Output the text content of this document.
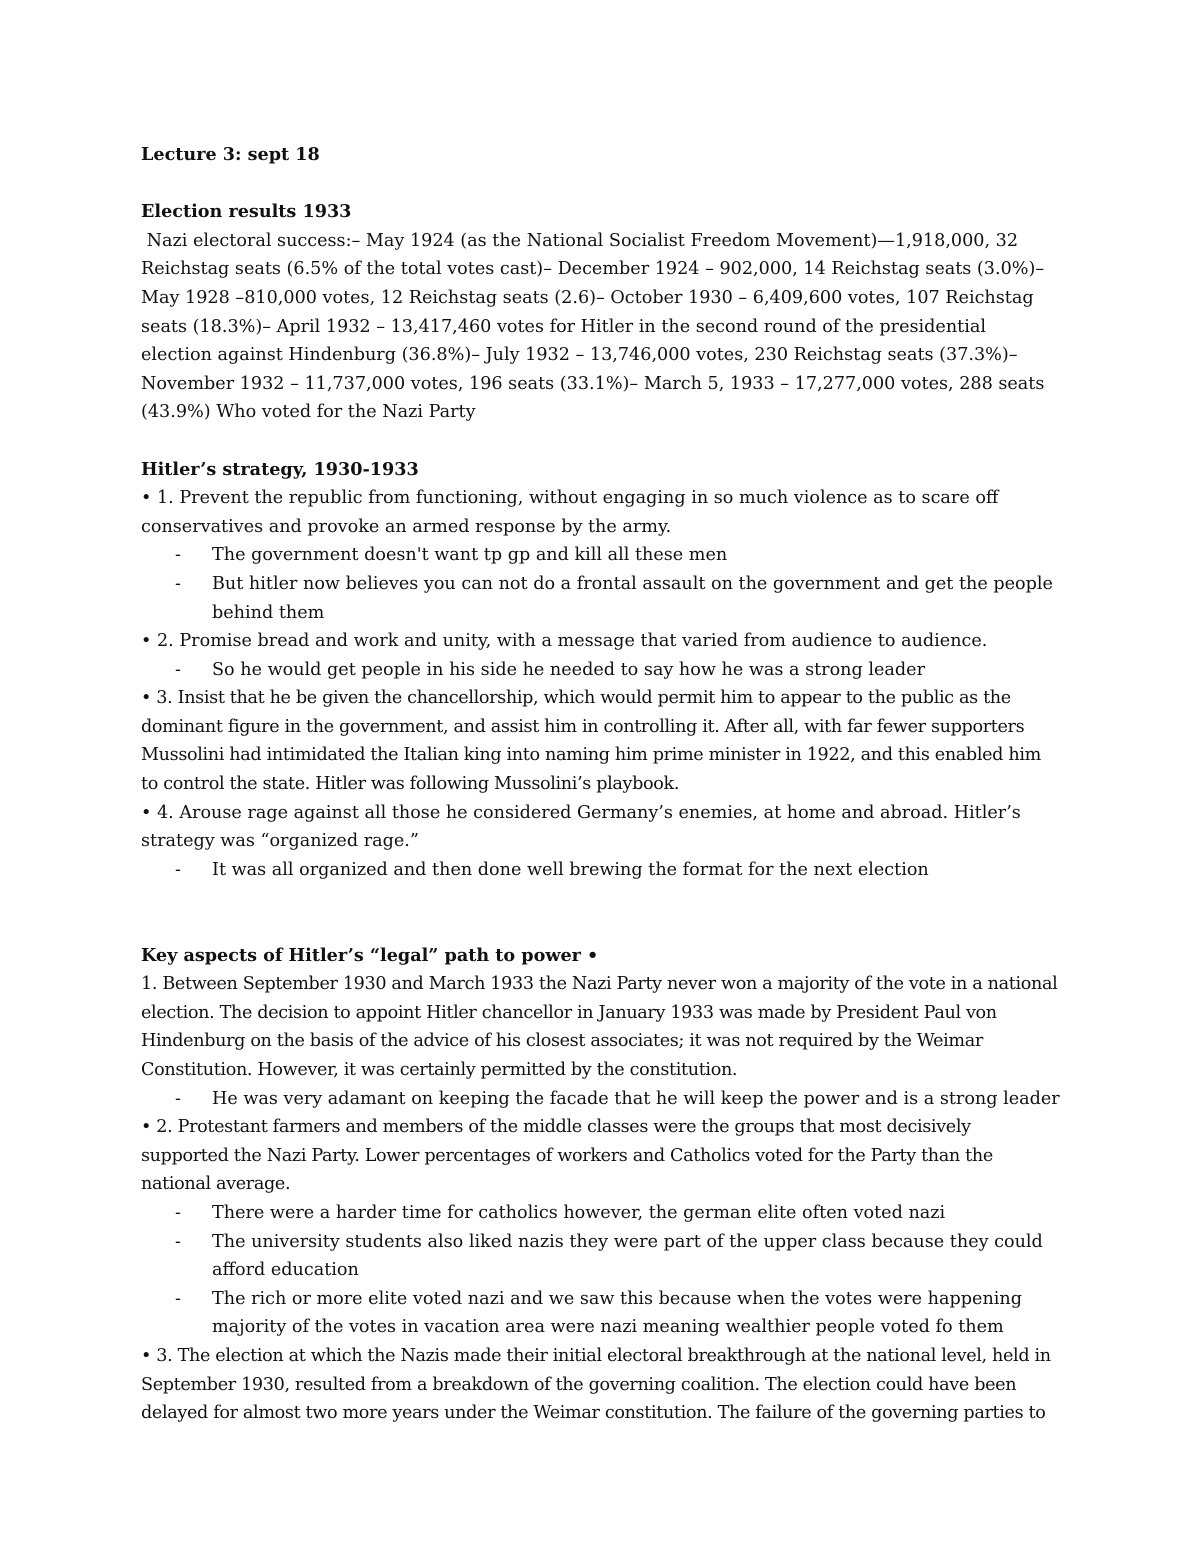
Lecture 3: sept 18

Election results 1933

Nazi electoral success:– May 1924 (as the National Socialist Freedom Movement)—1,918,000, 32 Reichstag seats (6.5% of the total votes cast)– December 1924 – 902,000, 14 Reichstag seats (3.0%)– May 1928 –810,000 votes, 12 Reichstag seats (2.6)– October 1930 – 6,409,600 votes, 107 Reichstag seats (18.3%)– April 1932 – 13,417,460 votes for Hitler in the second round of the presidential election against Hindenburg (36.8%)– July 1932 – 13,746,000 votes, 230 Reichstag seats (37.3%)– November 1932 – 11,737,000 votes, 196 seats (33.1%)– March 5, 1933 – 17,277,000 votes, 288 seats (43.9%) Who voted for the Nazi Party

Hitler’s strategy, 1930-1933

• 1. Prevent the republic from functioning, without engaging in so much violence as to scare off conservatives and provoke an armed response by the army.

- The government doesn't want tp gp and kill all these men
- But hitler now believes you can not do a frontal assault on the government and get the people behind them

• 2. Promise bread and work and unity, with a message that varied from audience to audience.

- So he would get people in his side he needed to say how he was a strong leader

• 3. Insist that he be given the chancellorship, which would permit him to appear to the public as the dominant figure in the government, and assist him in controlling it. After all, with far fewer supporters Mussolini had intimidated the Italian king into naming him prime minister in 1922, and this enabled him to control the state. Hitler was following Mussolini’s playbook.

• 4. Arouse rage against all those he considered Germany’s enemies, at home and abroad. Hitler’s strategy was “organized rage.”

- It was all organized and then done well brewing the format for the next election

Key aspects of Hitler’s “legal” path to power •

1. Between September 1930 and March 1933 the Nazi Party never won a majority of the vote in a national election. The decision to appoint Hitler chancellor in January 1933 was made by President Paul von Hindenburg on the basis of the advice of his closest associates; it was not required by the Weimar Constitution. However, it was certainly permitted by the constitution.

- He was very adamant on keeping the facade that he will keep the power and is a strong leader

• 2. Protestant farmers and members of the middle classes were the groups that most decisively supported the Nazi Party. Lower percentages of workers and Catholics voted for the Party than the national average.

- There were a harder time for catholics however, the german elite often voted nazi
- The university students also liked nazis they were part of the upper class because they could afford education
- The rich or more elite voted nazi and we saw this because when the votes were happening majority of the votes in vacation area were nazi meaning wealthier people voted fo them

• 3. The election at which the Nazis made their initial electoral breakthrough at the national level, held in September 1930, resulted from a breakdown of the governing coalition. The election could have been delayed for almost two more years under the Weimar constitution. The failure of the governing parties to
